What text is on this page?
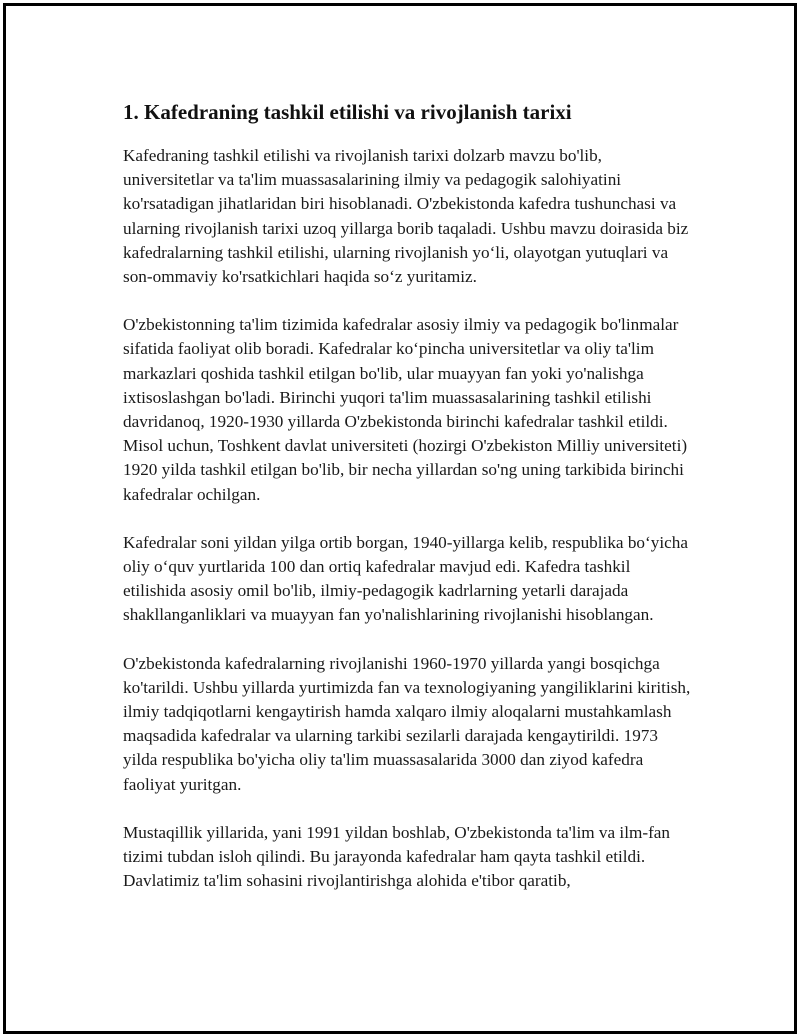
1. Kafedraning tashkil etilishi va rivojlanish tarixi

Kafedraning tashkil etilishi va rivojlanish tarixi dolzarb mavzu bo'lib, universitetlar va ta'lim muassasalarining ilmiy va pedagogik salohiyatini ko'rsatadigan jihatlaridan biri hisoblanadi. O'zbekistonda kafedra tushunchasi va ularning rivojlanish tarixi uzoq yillarga borib taqaladi. Ushbu mavzu doirasida biz kafedralarning tashkil etilishi, ularning rivojlanish yoʻli, olayotgan yutuqlari va son-ommaviy ko'rsatkichlari haqida soʻz yuritamiz.

O'zbekistonning ta'lim tizimida kafedralar asosiy ilmiy va pedagogik bo'linmalar sifatida faoliyat olib boradi. Kafedralar koʻpincha universitetlar va oliy ta'lim markazlari qoshida tashkil etilgan bo'lib, ular muayyan fan yoki yo'nalishga ixtisoslashgan bo'ladi. Birinchi yuqori ta'lim muassasalarining tashkil etilishi davridanoq, 1920-1930 yillarda O'zbekistonda birinchi kafedralar tashkil etildi. Misol uchun, Toshkent davlat universiteti (hozirgi O'zbekiston Milliy universiteti) 1920 yilda tashkil etilgan bo'lib, bir necha yillardan so'ng uning tarkibida birinchi kafedralar ochilgan.

Kafedralar soni yildan yilga ortib borgan, 1940-yillarga kelib, respublika boʻyicha oliy oʻquv yurtlarida 100 dan ortiq kafedralar mavjud edi. Kafedra tashkil etilishida asosiy omil bo'lib, ilmiy-pedagogik kadrlarning yetarli darajada shakllanganliklari va muayyan fan yo'nalishlarining rivojlanishi hisoblangan.

O'zbekistonda kafedralarning rivojlanishi 1960-1970 yillarda yangi bosqichga ko'tarildi. Ushbu yillarda yurtimizda fan va texnologiyaning yangiliklarini kiritish, ilmiy tadqiqotlarni kengaytirish hamda xalqaro ilmiy aloqalarni mustahkamlash maqsadida kafedralar va ularning tarkibi sezilarli darajada kengaytirildi. 1973 yilda respublika bo'yicha oliy ta'lim muassasalarida 3000 dan ziyod kafedra faoliyat yuritgan.

Mustaqillik yillarida, yani 1991 yildan boshlab, O'zbekistonda ta'lim va ilm-fan tizimi tubdan isloh qilindi. Bu jarayonda kafedralar ham qayta tashkil etildi. Davlatimiz ta'lim sohasini rivojlantirishga alohida e'tibor qaratib,
